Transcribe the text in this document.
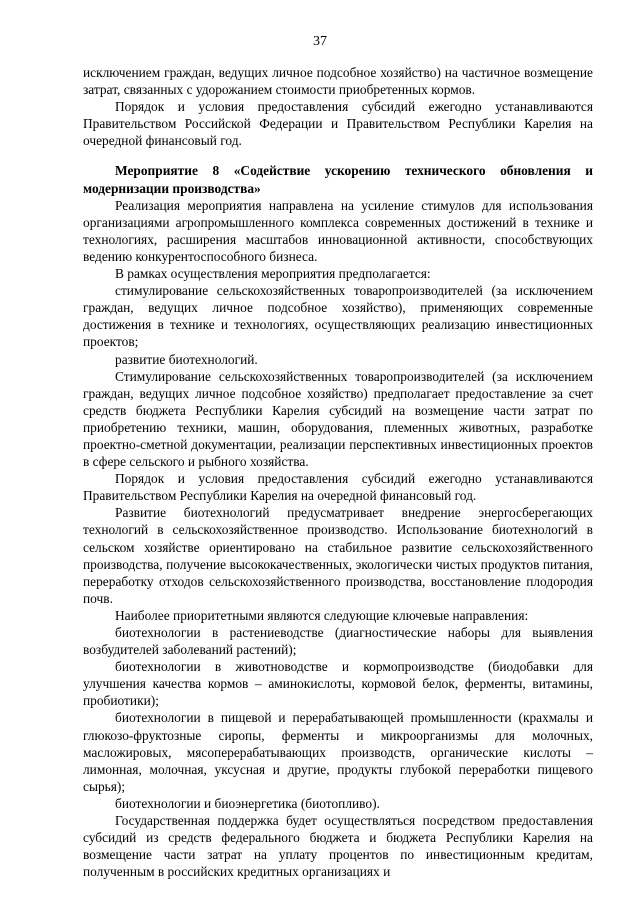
37

исключением граждан, ведущих личное подсобное хозяйство) на частичное возмещение затрат, связанных с удорожанием стоимости приобретенных кормов.

Порядок и условия предоставления субсидий ежегодно устанавливаются Правительством Российской Федерации и Правительством Республики Карелия на очередной финансовый год.

Мероприятие 8 «Содействие ускорению технического обновления и модернизации производства»

Реализация мероприятия направлена на усиление стимулов для использования организациями агропромышленного комплекса современных достижений в технике и технологиях, расширения масштабов инновационной активности, способствующих ведению конкурентоспособного бизнеса.

В рамках осуществления мероприятия предполагается:

стимулирование сельскохозяйственных товаропроизводителей (за исключением граждан, ведущих личное подсобное хозяйство), применяющих современные достижения в технике и технологиях, осуществляющих реализацию инвестиционных проектов;

развитие биотехнологий.

Стимулирование сельскохозяйственных товаропроизводителей (за исключением граждан, ведущих личное подсобное хозяйство) предполагает предоставление за счет средств бюджета Республики Карелия субсидий на возмещение части затрат по приобретению техники, машин, оборудования, племенных животных, разработке проектно-сметной документации, реализации перспективных инвестиционных проектов в сфере сельского и рыбного хозяйства.

Порядок и условия предоставления субсидий ежегодно устанавливаются Правительством Республики Карелия на очередной финансовый год.

Развитие биотехнологий предусматривает внедрение энергосберегающих технологий в сельскохозяйственное производство. Использование биотехнологий в сельском хозяйстве ориентировано на стабильное развитие сельскохозяйственного производства, получение высококачественных, экологически чистых продуктов питания, переработку отходов сельскохозяйственного производства, восстановление плодородия почв.

Наиболее приоритетными являются следующие ключевые направления:

биотехнологии в растениеводстве (диагностические наборы для выявления возбудителей заболеваний растений);

биотехнологии в животноводстве и кормопроизводстве (биодобавки для улучшения качества кормов – аминокислоты, кормовой белок, ферменты, витамины, пробиотики);

биотехнологии в пищевой и перерабатывающей промышленности (крахмалы и глюкозо-фруктозные сиропы, ферменты и микроорганизмы для молочных, масложировых, мясоперерабатывающих производств, органические кислоты – лимонная, молочная, уксусная и другие, продукты глубокой переработки пищевого сырья);

биотехнологии и биоэнергетика (биотопливо).

Государственная поддержка будет осуществляться посредством предоставления субсидий из средств федерального бюджета и бюджета Республики Карелия на возмещение части затрат на уплату процентов по инвестиционным кредитам, полученным в российских кредитных организациях и
